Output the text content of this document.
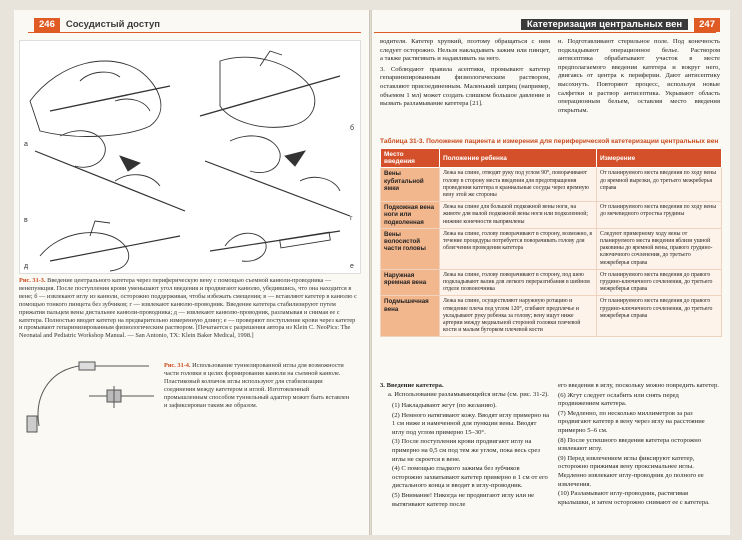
246 Сосудистый доступ
а
б
в	г
д	е

Рис. 31-3. Введение центрального катетера через периферическую вену с помощью съемной канюли-проводника — венепункция. После поступления крови уменьшают угол введения и продвигают канюлю, убедившись, что она находится в вене; б — извлекают иглу из канюли, осторожно поддерживая, чтобы избежать смещения; в — вставляют катетер в канюлю с помощью тонкого пинцета без зубчиков; г — извлекают канюлю-проводник. Введение катетера стабилизируют путем прижатия пальцем вены дистальнее канюли-проводника; д — извлекают канюлю-проводник, разламывая и снимая ее с катетера. Полностью вводят катетер на предварительно измеренную длину; е — проверяют поступление крови через катетер и промывают гепаринизированным физиологическим раствором. [Печатается с разрешения автора из Klein C. NeoPics: The Neonatal and Pediatric Workshop Manual. — San Antonio, TX: Klein Baker Medical, 1998.]

Рис. 31-4. Использование туннелированной иглы для возможности части головки в целях формирования канюли на съемной канюле. Пластиковый колпачок иглы используют для стабилизации соединения между катетером и иглой. Изготовленный промышленным способом туннельный адаптер может быть вставлен и зафиксирован таким же образом.

Катетеризация центральных вен 247

водителя. Катетер хрупкий, поэтому обращаться с ним следует осторожно. Нельзя накладывать зажим или пинцет, а также растягивать и надавливать на него.

3. Соблюдают правила асептики, промывают катетер гепаринизированным физиологическим раствором, оставляют присоединенным. Маленький шприц (например, объемом 1 мл) может создать слишком большое давление и вызвать разламывание катетера [21].

н. Подготавливают стерильное поле. Под конечность подкладывают операционное белье. Раствором антисептика обрабатывают участок в месте предполагаемого введения катетера и вокруг него, двигаясь от центра к периферии. Дают антисептику высохнуть. Повторяют процесс, используя новые салфетки и раствор антисептика. Укрывают область операционным бельем, оставляя место введения открытым.

Таблица 31-3. Положение пациента и измерения для периферической катетеризации центральных вен
Место введения	Положение ребенка	Измерение
Вены кубитальной ямки	Лежа на спине, отводят руку под углом 90°, поворачивают голову в сторону места введения для предотвращения проведения катетера в краниальные сосуды через яремную вену этой же стороны	От планируемого места введения по ходу вены до яремной вырезки, до третьего межреберья справа
Подкожная вена ноги или подколенная	Лежа на спине для большой подкожной вены ноги, на животе для малой подкожной вены ноги или подколенной; нижние конечности выпрямлены	От планируемого места введения по ходу вены до мечевидного отростка грудины
Вены волосистой части головы	Лежа на спине, голову поворачивают в сторону, возможно, в течение процедуры потребуется поворачивать голову для облегчения проведения катетера	Следуют примерному ходу вены от планируемого места введения вблизи ушной раковины до яремной вены, правого грудино-ключичного сочленения, до третьего межреберья справа
Наружная яремная вена	Лежа на спине, голову поворачивают в сторону, под шею подкладывают валик для легкого переразгибания в шейном отделе позвоночника	От планируемого места введения до правого грудино-ключичного сочленения, до третьего межреберья справа
Подмышечная вена	Лежа на спине, осуществляют наружную ротацию и отведение плеча под углом 120°, сгибают предплечье и укладывают руку ребенка за голову; вену ищут ниже артерии между медиальной стороной головки плечевой кости и малым бугорком плечевой кости	От планируемого места введения до правого грудино-ключичного сочленения, до третьего межреберья справа

3. Введение катетера.

а. Использование разламывающейся иглы (см. рис. 31-2).

(1) Накладывают жгут (по желанию).
(2) Немного натягивают кожу. Вводят иглу примерно на 1 см ниже и намеченной для пункции вены. Вводят иглу под углом примерно 15–30°.
(3) После поступления крови продвигают иглу на примерно на 0,5 см под тем же углом, пока весь срез иглы не скроется в вене.
(4) С помощью гладкого зажима без зубчиков осторожно захватывают катетер примерно в 1 см от его дистального конца и вводят в иглу-проводник.
(5) Внимание! Никогда не продвигают иглу или не вытягивают катетер после
его введения в иглу, поскольку можно повредить катетер.
(6) Жгут следует ослабить или снять перед продвижением катетера.
(7) Медленно, по несколько миллиметров за раз продвигают катетер в вену через иглу на расстояние примерно 5–6 см.
(8) После успешного введения катетера осторожно извлекают иглу.
(9) Перед извлечением иглы фиксируют катетер, осторожно прижимая вену проксимальнее иглы. Медленно извлекают иглу-проводник до полного ее извлечения.
(10) Разламывают иглу-проводник, растягивая крылышки, и затем осторожно снимают ее с катетера.
